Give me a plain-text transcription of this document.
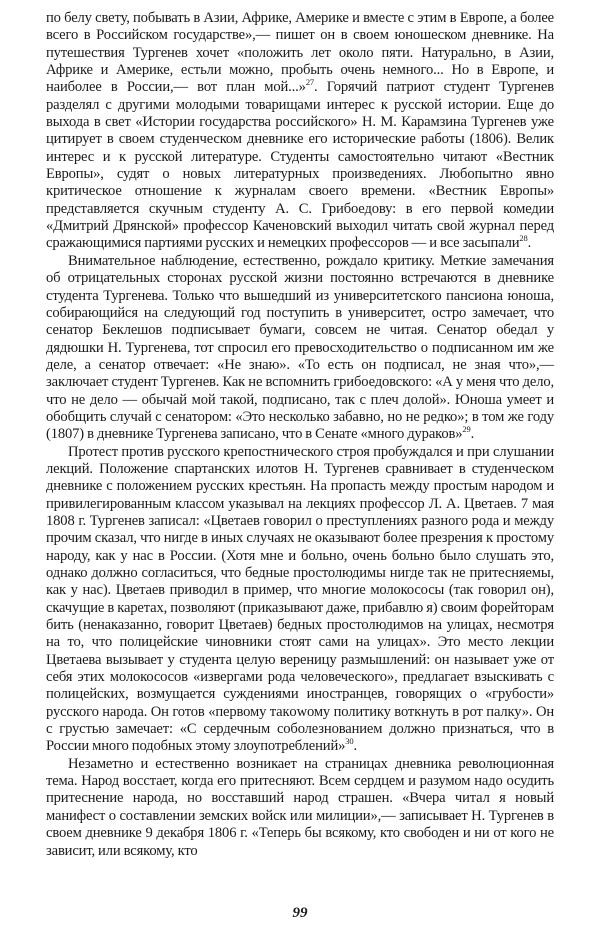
по белу свету, побывать в Азии, Африке, Америке и вместе с этим в Европе, а более всего в Российском государстве»,— пишет он в своем юношеском дневнике. На путешествия Тургенев хочет «положить лет около пяти. Натурально, в Азии, Африке и Америке, естьли можно, пробыть очень немного... Но в Европе, и наиболее в России,— вот план мой...»$^{27}$. Горячий патриот студент Тургенев разделял с другими молодыми товарищами интерес к русской истории. Еще до выхода в свет «Истории государства российского» Н. М. Карамзина Тургенев уже цитирует в своем студенческом дневнике его исторические работы (1806). Велик интерес и к русской литературе. Студенты самостоятельно читают «Вестник Европы», судят о новых литературных произведениях. Любопытно явно критическое отношение к журналам своего времени. «Вестник Европы» представляется скучным студенту А. С. Грибоедову: в его первой комедии «Дмитрий Дрянской» профессор Каченовский выходил читать свой журнал перед сражающимися партиями русских и немецких профессоров — и все засыпали$^{28}$.

Внимательное наблюдение, естественно, рождало критику. Меткие замечания об отрицательных сторонах русской жизни постоянно встречаются в дневнике студента Тургенева. Только что вышедший из университетского пансиона юноша, собирающийся на следующий год поступить в университет, остро замечает, что сенатор Беклешов подписывает бумаги, совсем не читая. Сенатор обедал у дядюшки Н. Тургенева, тот спросил его превосходительство о подписанном им же деле, а сенатор отвечает: «Не знаю». «То есть он подписал, не зная что»,— заключает студент Тургенев. Как не вспомнить грибоедовского: «А у меня что дело, что не дело — обычай мой такой, подписано, так с плеч долой». Юноша умеет и обобщить случай с сенатором: «Это несколько забавно, но не редко»; в том же году (1807) в дневнике Тургенева записано, что в Сенате «много дураков»$^{29}$.

Протест против русского крепостнического строя пробуждался и при слушании лекций. Положение спартанских илотов Н. Тургенев сравнивает в студенческом дневнике с положением русских крестьян. На пропасть между простым народом и привилегированным классом указывал на лекциях профессор Л. А. Цветаев. 7 мая 1808 г. Тургенев записал: «Цветаев говорил о преступлениях разного рода и между прочим сказал, что нигде в иных случаях не оказывают более презрения к простому народу, как у нас в России. (Хотя мне и больно, очень больно было слушать это, однако должно согласиться, что бедные простолюдимы нигде так не притесняемы, как у нас). Цветаев приводил в пример, что многие молокососы (так говорил он), скачущие в каретах, позволяют (приказывают даже, прибавлю я) своим форейторам бить (ненаказанно, говорит Цветаев) бедных простолюдимов на улицах, несмотря на то, что полицейские чиновники стоят сами на улицах». Это место лекции Цветаева вызывает у студента целую вереницу размышлений: он называет уже от себя этих молокососов «извергами рода человеческого», предлагает взыскивать с полицейских, возмущается суждениями иностранцев, говорящих о «грубости» русского народа. Он готов «первому такowому политику воткнуть в рот палку». Он с грустью замечает: «С сердечным соболезнованием должно признаться, что в России много подобных этому злоупотреблений»$^{30}$.

Незаметно и естественно возникает на страницах дневника революционная тема. Народ восстает, когда его притесняют. Всем сердцем и разумом надо осудить притеснение народа, но восставший народ страшен. «Вчера читал я новый манифест о составлении земских войск или милиции»,— записывает Н. Тургенев в своем дневнике 9 декабря 1806 г. «Теперь бы всякому, кто свободен и ни от кого не зависит, или всякому, кто

99
